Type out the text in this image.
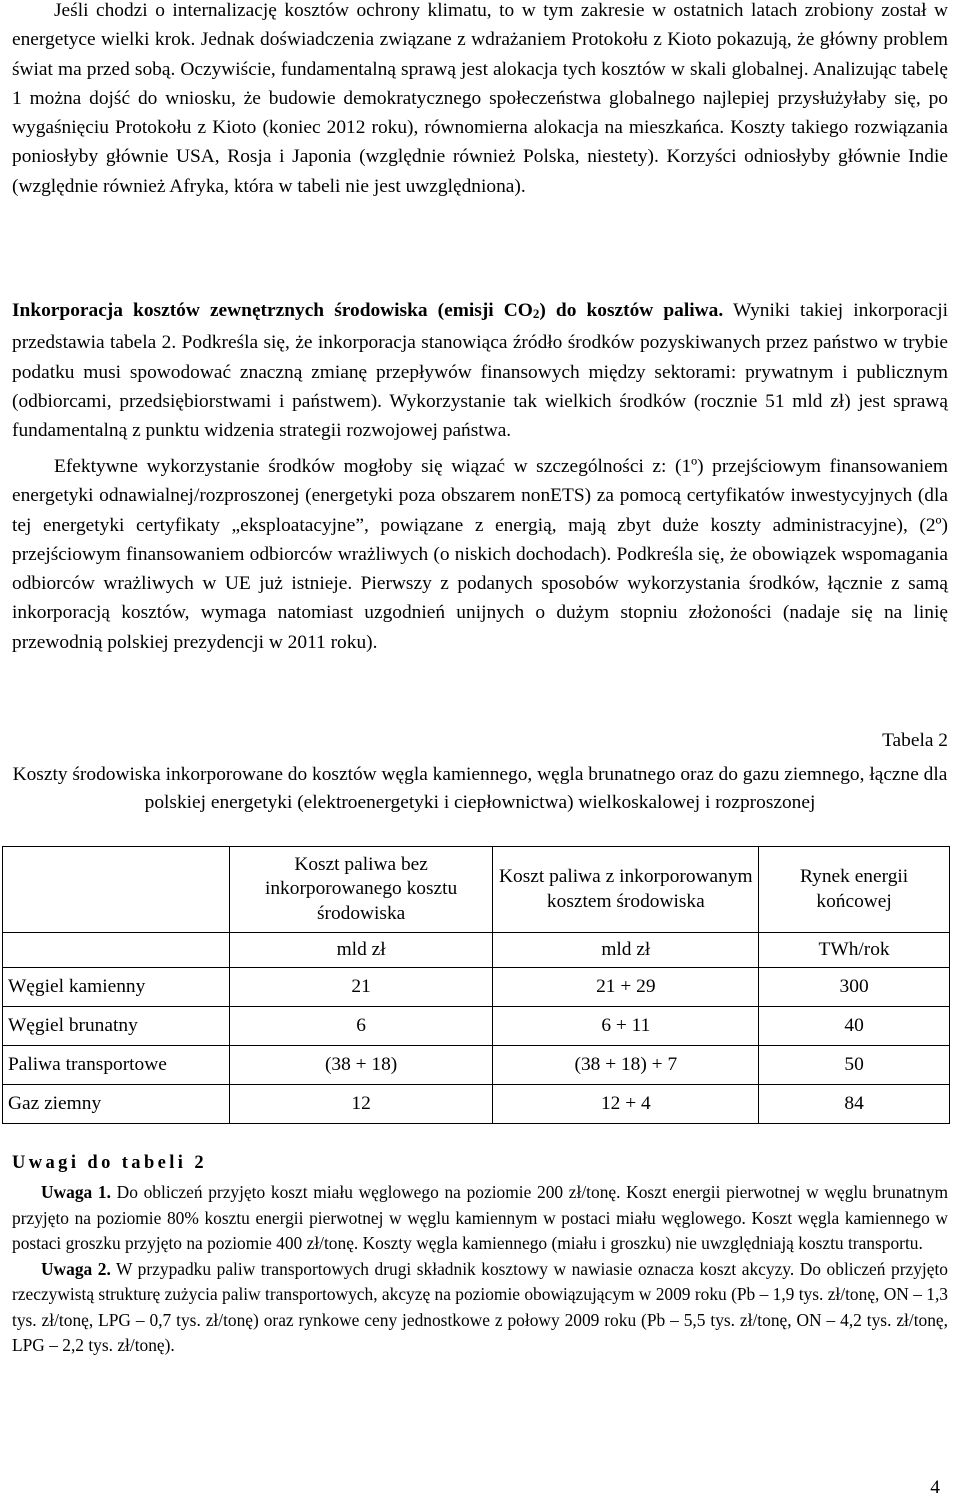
Jeśli chodzi o internalizację kosztów ochrony klimatu, to w tym zakresie w ostatnich latach zrobiony został w energetyce wielki krok. Jednak doświadczenia związane z wdrażaniem Protokołu z Kioto pokazują, że główny problem świat ma przed sobą. Oczywiście, fundamentalną sprawą jest alokacja tych kosztów w skali globalnej. Analizując tabelę 1 można dojść do wniosku, że budowie demokratycznego społeczeństwa globalnego najlepiej przysłużyłaby się, po wygaśnięciu Protokołu z Kioto (koniec 2012 roku), równomierna alokacja na mieszkańca. Koszty takiego rozwiązania poniosłyby głównie USA, Rosja i Japonia (względnie również Polska, niestety). Korzyści odniosłyby głównie Indie (względnie również Afryka, która w tabeli nie jest uwzględniona).

Inkorporacja kosztów zewnętrznych środowiska (emisji $CO_2$) do kosztów paliwa. Wyniki takiej inkorporacji przedstawia tabela 2. Podkreśla się, że inkorporacja stanowiąca źródło środków pozyskiwanych przez państwo w trybie podatku musi spowodować znaczną zmianę przepływów finansowych między sektorami: prywatnym i publicznym (odbiorcami, przedsiębiorstwami i państwem). Wykorzystanie tak wielkich środków (rocznie 51 mld zł) jest sprawą fundamentalną z punktu widzenia strategii rozwojowej państwa.

Efektywne wykorzystanie środków mogłoby się wiązać w szczególności z: (1º) przejściowym finansowaniem energetyki odnawialnej/rozproszonej (energetyki poza obszarem nonETS) za pomocą certyfikatów inwestycyjnych (dla tej energetyki certyfikaty „eksploatacyjne”, powiązane z energią, mają zbyt duże koszty administracyjne), (2º) przejściowym finansowaniem odbiorców wrażliwych (o niskich dochodach). Podkreśla się, że obowiązek wspomagania odbiorców wrażliwych w UE już istnieje. Pierwszy z podanych sposobów wykorzystania środków, łącznie z samą inkorporacją kosztów, wymaga natomiast uzgodnień unijnych o dużym stopniu złożoności (nadaje się na linię przewodnią polskiej prezydencji w 2011 roku).

Tabela 2
Koszty środowiska inkorporowane do kosztów węgla kamiennego, węgla brunatnego oraz do gazu ziemnego, łączne dla polskiej energetyki (elektroenergetyki i ciepłownictwa) wielkoskalowej i rozproszonej
	Koszt paliwa bez inkorporowanego kosztu środowiska	Koszt paliwa z inkorporowanym kosztem środowiska	Rynek energii końcowej
	mld zł	mld zł	TWh/rok
Węgiel kamienny	21	21 + 29	300
Węgiel brunatny	6	6 + 11	40
Paliwa transportowe	(38 + 18)	(38 + 18) + 7	50
Gaz ziemny	12	12 + 4	84
Uwagi do tabeli 2

Uwaga 1. Do obliczeń przyjęto koszt miału węglowego na poziomie 200 zł/tonę. Koszt energii pierwotnej w węglu brunatnym przyjęto na poziomie 80% kosztu energii pierwotnej w węglu kamiennym w postaci miału węglowego. Koszt węgla kamiennego w postaci groszku przyjęto na poziomie 400 zł/tonę. Koszty węgla kamiennego (miału i groszku) nie uwzględniają kosztu transportu.

Uwaga 2. W przypadku paliw transportowych drugi składnik kosztowy w nawiasie oznacza koszt akcyzy. Do obliczeń przyjęto rzeczywistą strukturę zużycia paliw transportowych, akcyzę na poziomie obowiązującym w 2009 roku (Pb – 1,9 tys. zł/tonę, ON – 1,3 tys. zł/tonę, LPG – 0,7 tys. zł/tonę) oraz rynkowe ceny jednostkowe z połowy 2009 roku (Pb – 5,5 tys. zł/tonę, ON – 4,2 tys. zł/tonę, LPG – 2,2 tys. zł/tonę).

4
